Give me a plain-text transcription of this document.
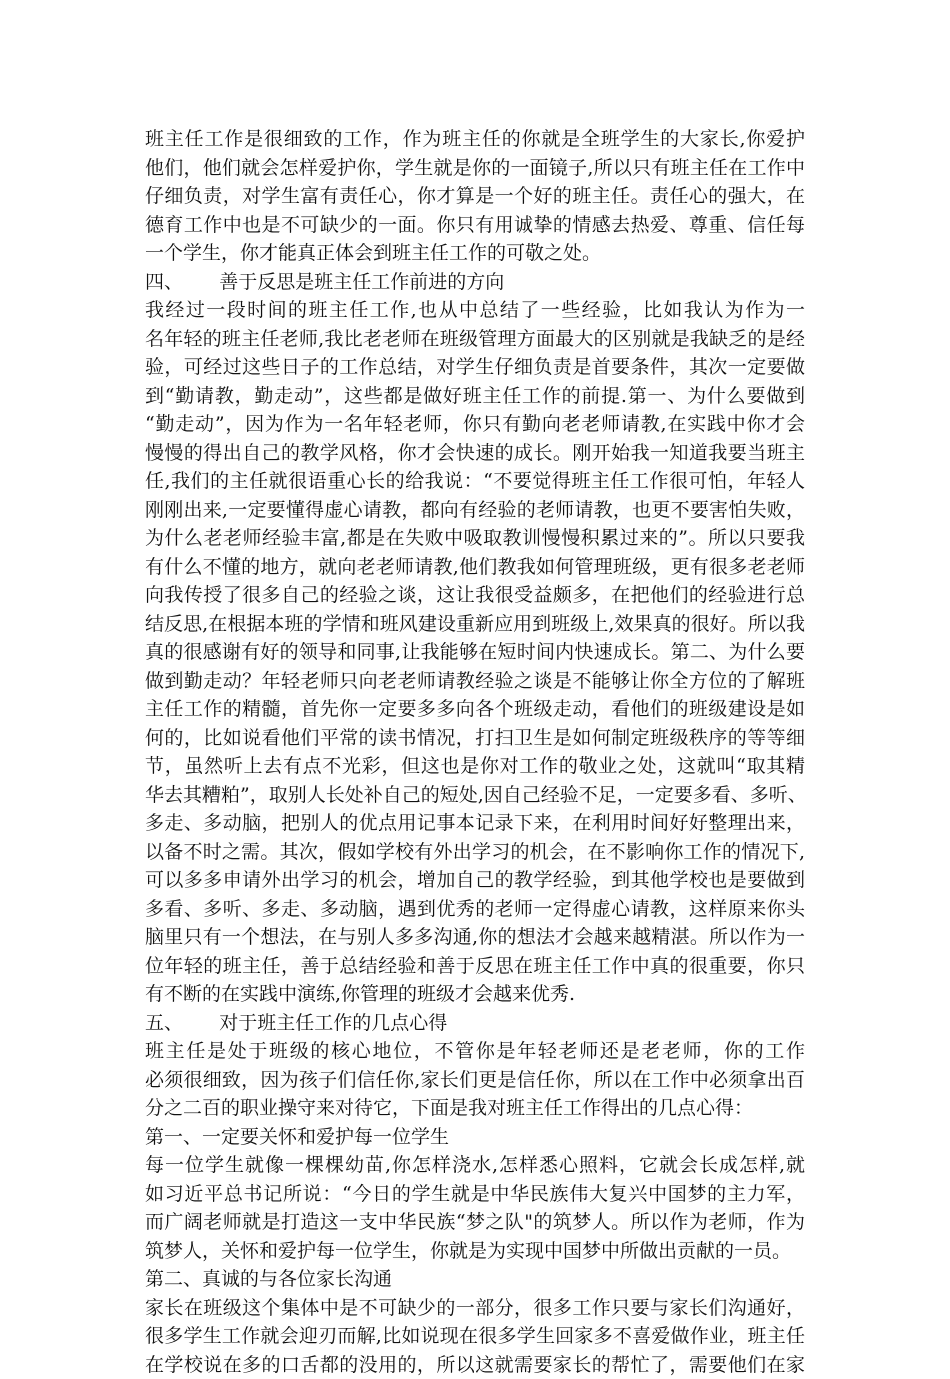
班主任工作是很细致的工作，作为班主任的你就是全班学生的大家长,你爱护
他们，他们就会怎样爱护你，学生就是你的一面镜子,所以只有班主任在工作中
仔细负责，对学生富有责任心，你才算是一个好的班主任。责任心的强大，在
德育工作中也是不可缺少的一面。你只有用诚挚的情感去热爱、尊重、信任每
一个学生，你才能真正体会到班主任工作的可敬之处。
四、      善于反思是班主任工作前进的方向
我经过一段时间的班主任工作,也从中总结了一些经验，比如我认为作为一
名年轻的班主任老师,我比老老师在班级管理方面最大的区别就是我缺乏的是经
验，可经过这些日子的工作总结，对学生仔细负责是首要条件，其次一定要做
到“勤请教，勤走动”，这些都是做好班主任工作的前提.第一、为什么要做到
“勤走动”，因为作为一名年轻老师，你只有勤向老老师请教,在实践中你才会
慢慢的得出自己的教学风格，你才会快速的成长。刚开始我一知道我要当班主
任,我们的主任就很语重心长的给我说：“不要觉得班主任工作很可怕，年轻人
刚刚出来,一定要懂得虚心请教，都向有经验的老师请教，也更不要害怕失败，
为什么老老师经验丰富,都是在失败中吸取教训慢慢积累过来的”。所以只要我
有什么不懂的地方，就向老老师请教,他们教我如何管理班级，更有很多老老师
向我传授了很多自己的经验之谈，这让我很受益颇多，在把他们的经验进行总
结反思,在根据本班的学情和班风建设重新应用到班级上,效果真的很好。所以我
真的很感谢有好的领导和同事,让我能够在短时间内快速成长。第二、为什么要
做到勤走动？年轻老师只向老老师请教经验之谈是不能够让你全方位的了解班
主任工作的精髓，首先你一定要多多向各个班级走动，看他们的班级建设是如
何的，比如说看他们平常的读书情况，打扫卫生是如何制定班级秩序的等等细
节，虽然听上去有点不光彩，但这也是你对工作的敬业之处，这就叫“取其精
华去其糟粕”，取别人长处补自己的短处,因自己经验不足，一定要多看、多听、
多走、多动脑，把别人的优点用记事本记录下来，在利用时间好好整理出来，
以备不时之需。其次，假如学校有外出学习的机会，在不影响你工作的情况下,
可以多多申请外出学习的机会，增加自己的教学经验，到其他学校也是要做到
多看、多听、多走、多动脑，遇到优秀的老师一定得虚心请教，这样原来你头
脑里只有一个想法，在与别人多多沟通,你的想法才会越来越精湛。所以作为一
位年轻的班主任，善于总结经验和善于反思在班主任工作中真的很重要，你只
有不断的在实践中演练,你管理的班级才会越来优秀.
五、      对于班主任工作的几点心得
班主任是处于班级的核心地位，不管你是年轻老师还是老老师，你的工作
必须很细致，因为孩子们信任你,家长们更是信任你，所以在工作中必须拿出百
分之二百的职业操守来对待它，下面是我对班主任工作得出的几点心得：
第一、一定要关怀和爱护每一位学生
每一位学生就像一棵棵幼苗,你怎样浇水,怎样悉心照料，它就会长成怎样,就
如习近平总书记所说：“今日的学生就是中华民族伟大复兴中国梦的主力军，
而广阔老师就是打造这一支中华民族“梦之队"的筑梦人。所以作为老师，作为
筑梦人，关怀和爱护每一位学生，你就是为实现中国梦中所做出贡献的一员。
第二、真诚的与各位家长沟通
家长在班级这个集体中是不可缺少的一部分，很多工作只要与家长们沟通好，
很多学生工作就会迎刃而解,比如说现在很多学生回家多不喜爱做作业，班主任
在学校说在多的口舌都的没用的，所以这就需要家长的帮忙了，需要他们在家
